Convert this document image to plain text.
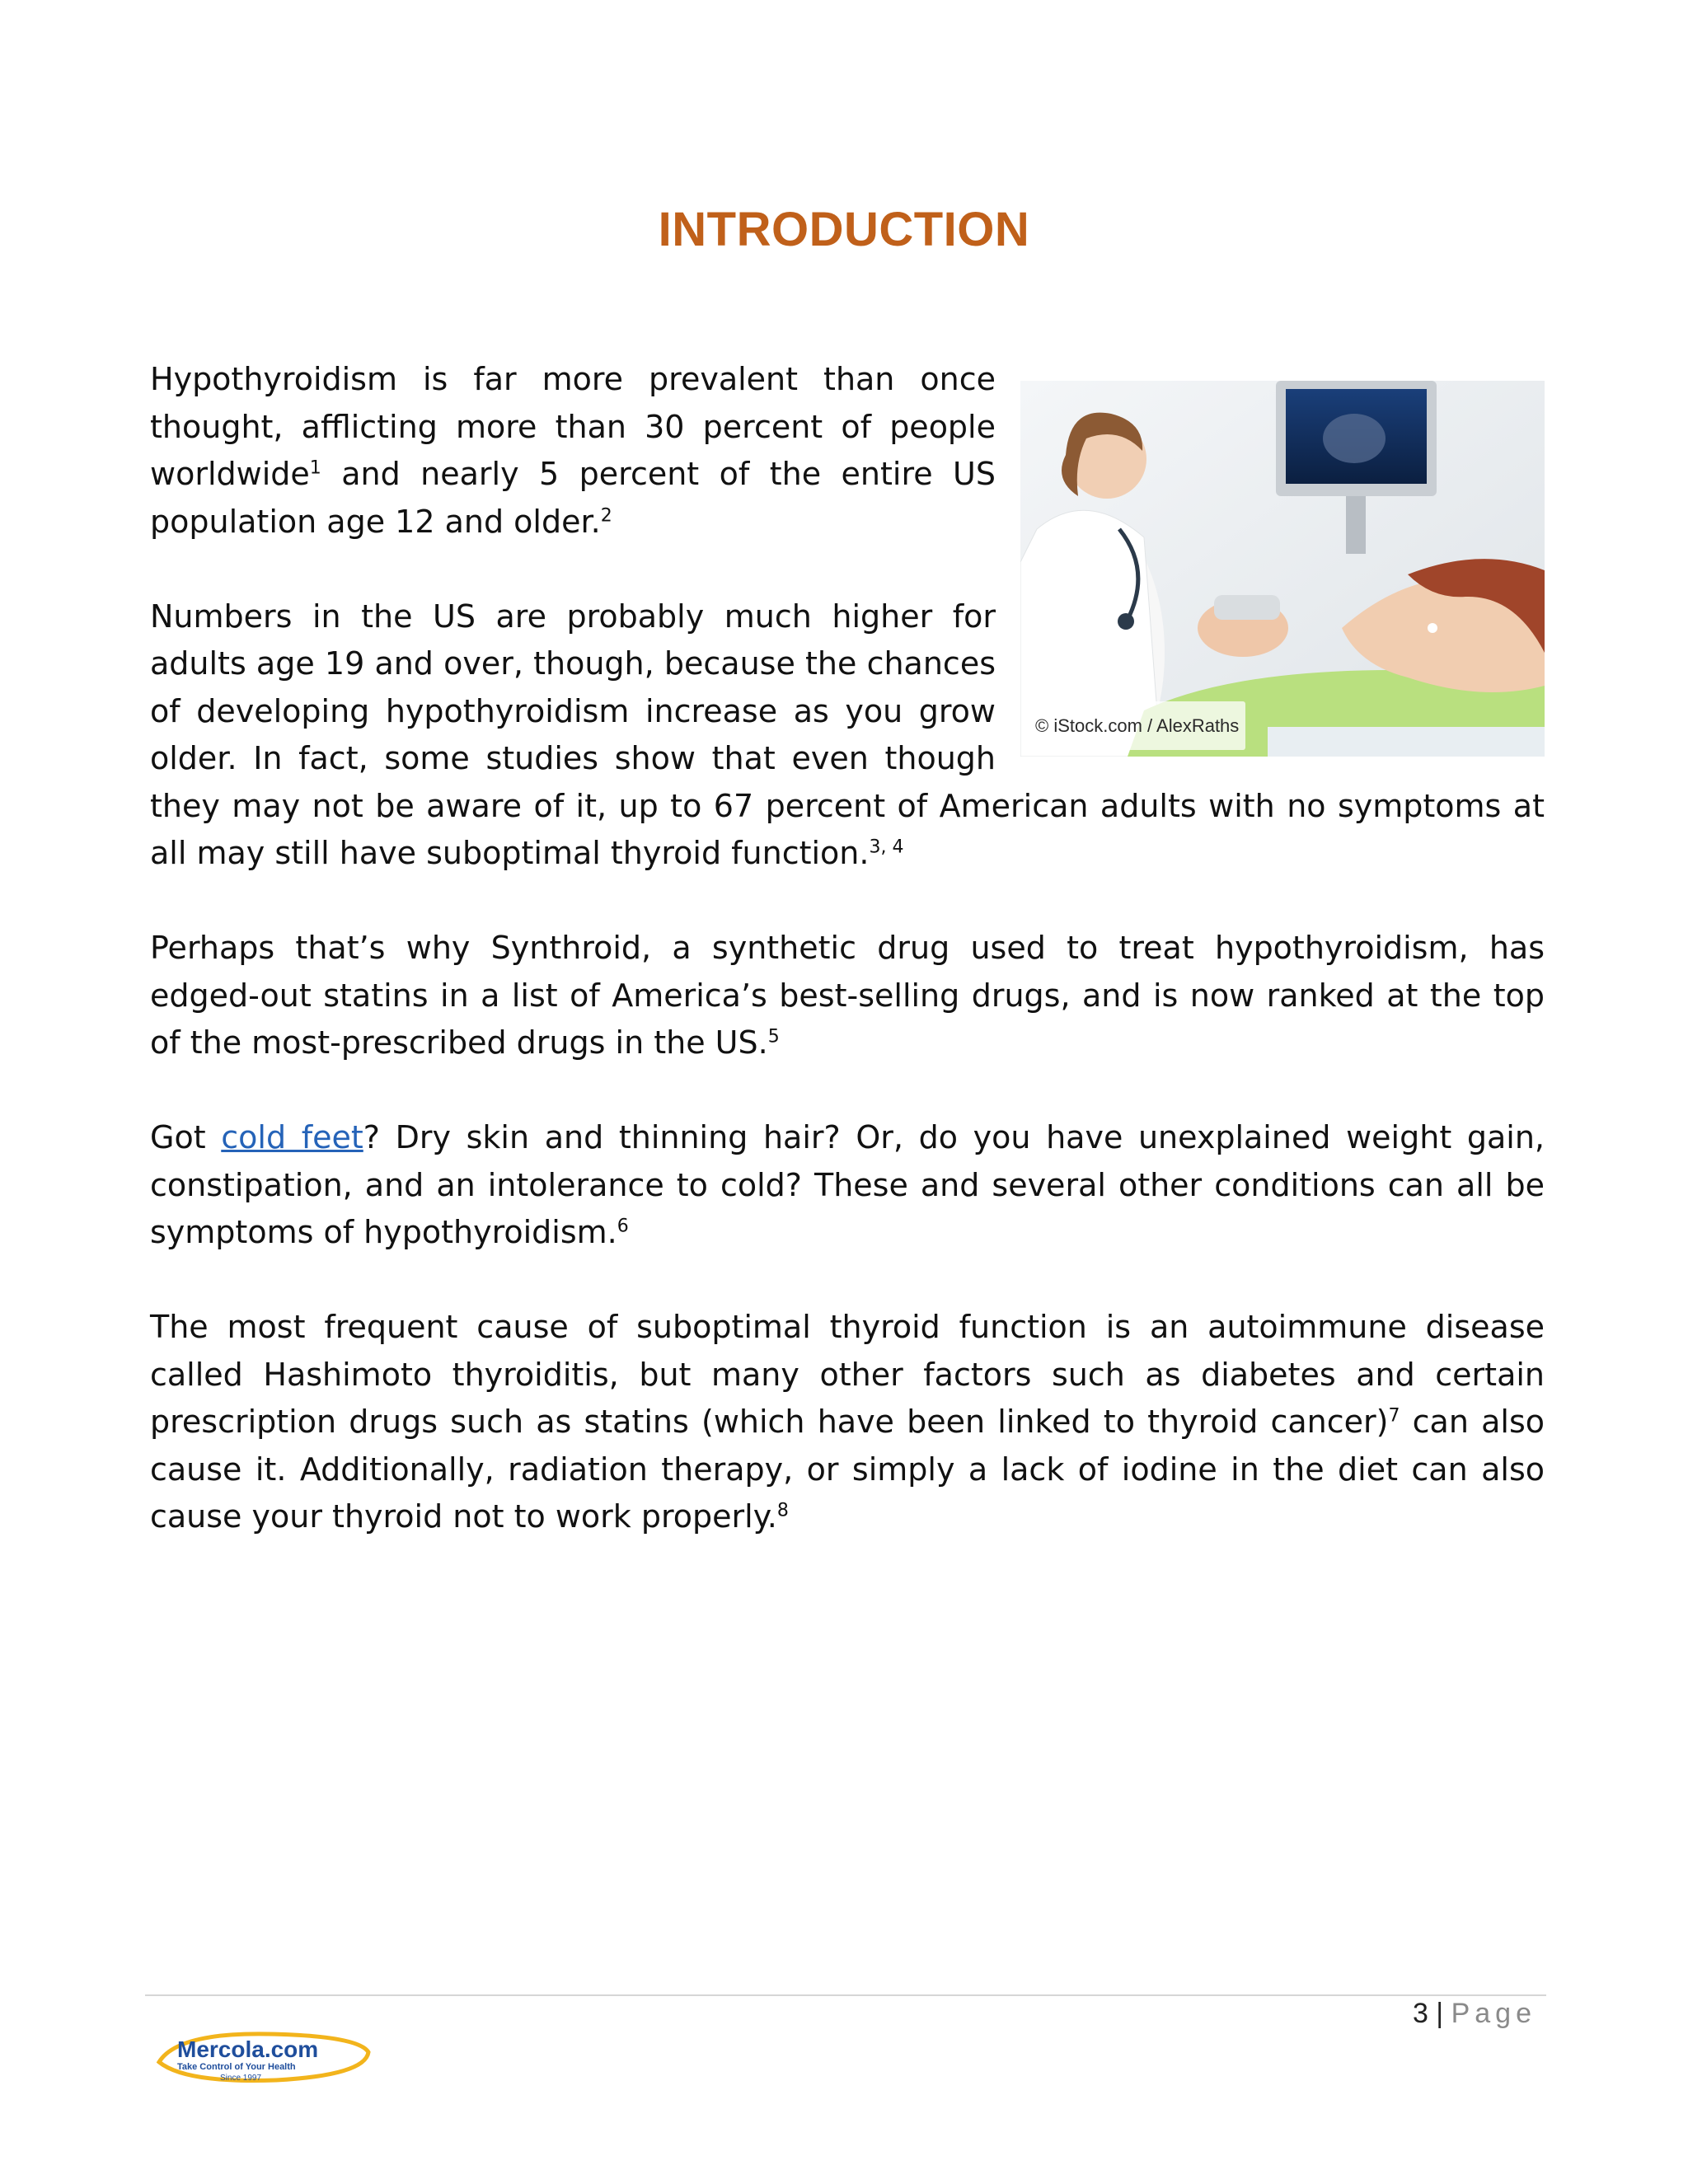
INTRODUCTION
© iStock.com / AlexRaths

Hypothyroidism is far more prevalent than once thought, afflicting more than 30 percent of people worldwide$^1$ and nearly 5 percent of the entire US population age 12 and older.$^2$

Numbers in the US are probably much higher for adults age 19 and over, though, because the chances of developing hypothyroidism increase as you grow older. In fact, some studies show that even though they may not be aware of it, up to 67 percent of American adults with no symptoms at all may still have suboptimal thyroid function.$^{3, 4}$

Perhaps that’s why Synthroid, a synthetic drug used to treat hypothyroidism, has edged-out statins in a list of America’s best-selling drugs, and is now ranked at the top of the most-prescribed drugs in the US.$^5$

Got cold feet? Dry skin and thinning hair? Or, do you have unexplained weight gain, constipation, and an intolerance to cold? These and several other conditions can all be symptoms of hypothyroidism.$^6$

The most frequent cause of suboptimal thyroid function is an autoimmune disease called Hashimoto thyroiditis, but many other factors such as diabetes and certain prescription drugs such as statins (which have been linked to thyroid cancer)$^7$ can also cause it. Additionally, radiation therapy, or simply a lack of iodine in the diet can also cause your thyroid not to work properly.$^8$

3 | Page
Mercola.com
Take Control of Your Health
Since 1997
